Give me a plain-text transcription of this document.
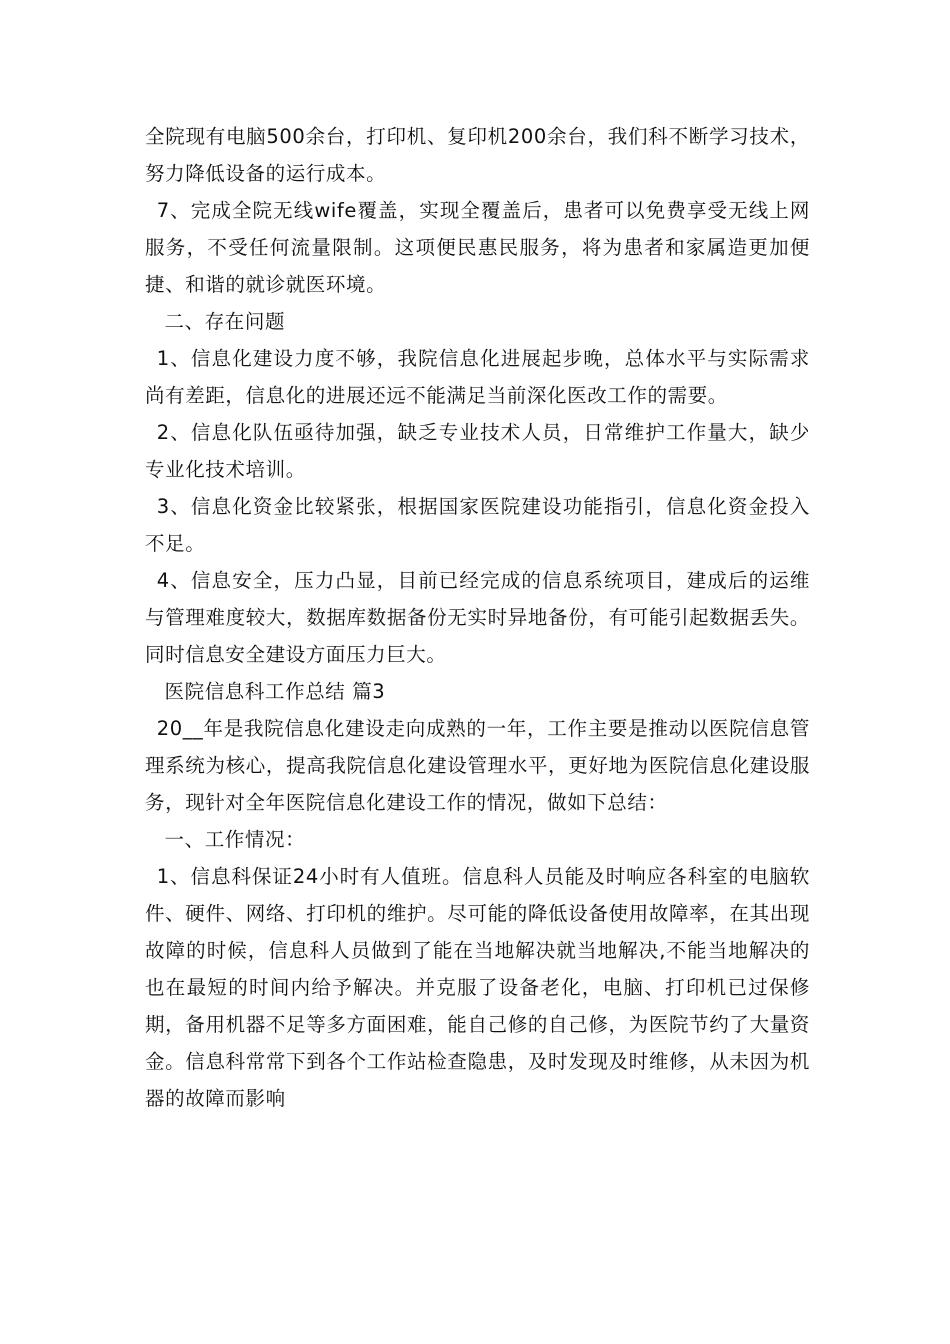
全院现有电脑500余台，打印机、复印机200余台，我们科不断学习技术，努力降低设备的运行成本。

7、完成全院无线wife覆盖，实现全覆盖后，患者可以免费享受无线上网服务，不受任何流量限制。这项便民惠民服务，将为患者和家属造更加便捷、和谐的就诊就医环境。

二、存在问题

1、信息化建设力度不够，我院信息化进展起步晚，总体水平与实际需求尚有差距，信息化的进展还远不能满足当前深化医改工作的需要。

2、信息化队伍亟待加强，缺乏专业技术人员，日常维护工作量大，缺少专业化技术培训。

3、信息化资金比较紧张，根据国家医院建设功能指引，信息化资金投入不足。

4、信息安全，压力凸显，目前已经完成的信息系统项目，建成后的运维与管理难度较大，数据库数据备份无实时异地备份，有可能引起数据丢失。同时信息安全建设方面压力巨大。

医院信息科工作总结 篇3

20__年是我院信息化建设走向成熟的一年，工作主要是推动以医院信息管理系统为核心，提高我院信息化建设管理水平，更好地为医院信息化建设服务，现针对全年医院信息化建设工作的情况，做如下总结：

一、工作情况：

1、信息科保证24小时有人值班。信息科人员能及时响应各科室的电脑软件、硬件、网络、打印机的维护。尽可能的降低设备使用故障率，在其出现故障的时候，信息科人员做到了能在当地解决就当地解决,不能当地解决的也在最短的时间内给予解决。并克服了设备老化，电脑、打印机已过保修期，备用机器不足等多方面困难，能自己修的自己修，为医院节约了大量资金。信息科常常下到各个工作站检查隐患，及时发现及时维修，从未因为机器的故障而影响
